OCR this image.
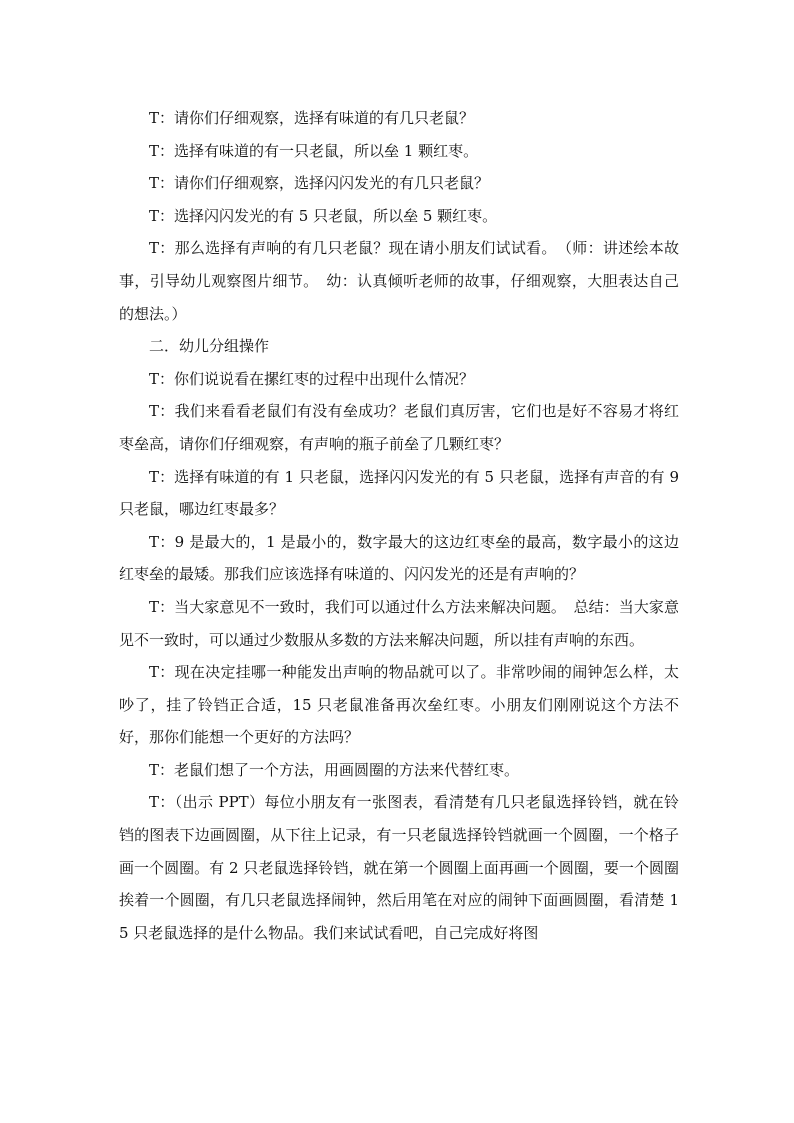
T：请你们仔细观察，选择有味道的有几只老鼠？

T：选择有味道的有一只老鼠，所以垒 1 颗红枣。

T：请你们仔细观察，选择闪闪发光的有几只老鼠？

T：选择闪闪发光的有 5 只老鼠，所以垒 5 颗红枣。

T：那么选择有声响的有几只老鼠？现在请小朋友们试试看。　（师：讲述绘本故事，引导幼儿观察图片细节。　幼：认真倾听老师的故事，仔细观察，大胆表达自己的想法。）

二．幼儿分组操作

T：你们说说看在摞红枣的过程中出现什么情况？

T：我们来看看老鼠们有没有垒成功？老鼠们真厉害，它们也是好不容易才将红枣垒高，请你们仔细观察，有声响的瓶子前垒了几颗红枣？

T：选择有味道的有 1 只老鼠，选择闪闪发光的有 5 只老鼠，选择有声音的有 9 只老鼠，哪边红枣最多？

T：9 是最大的，1 是最小的，数字最大的这边红枣垒的最高，数字最小的这边红枣垒的最矮。那我们应该选择有味道的、闪闪发光的还是有声响的？

T：当大家意见不一致时，我们可以通过什么方法来解决问题。　总结：当大家意见不一致时，可以通过少数服从多数的方法来解决问题，所以挂有声响的东西。

T：现在决定挂哪一种能发出声响的物品就可以了。非常吵闹的闹钟怎么样，太吵了，挂了铃铛正合适，15 只老鼠准备再次垒红枣。小朋友们刚刚说这个方法不好，那你们能想一个更好的方法吗？

T：老鼠们想了一个方法，用画圆圈的方法来代替红枣。

T：（出示 PPT）每位小朋友有一张图表，看清楚有几只老鼠选择铃铛，就在铃铛的图表下边画圆圈，从下往上记录，有一只老鼠选择铃铛就画一个圆圈，一个格子画一个圆圈。有 2 只老鼠选择铃铛，就在第一个圆圈上面再画一个圆圈，要一个圆圈挨着一个圆圈，有几只老鼠选择闹钟，然后用笔在对应的闹钟下面画圆圈，看清楚 15 只老鼠选择的是什么物品。我们来试试看吧，自己完成好将图
